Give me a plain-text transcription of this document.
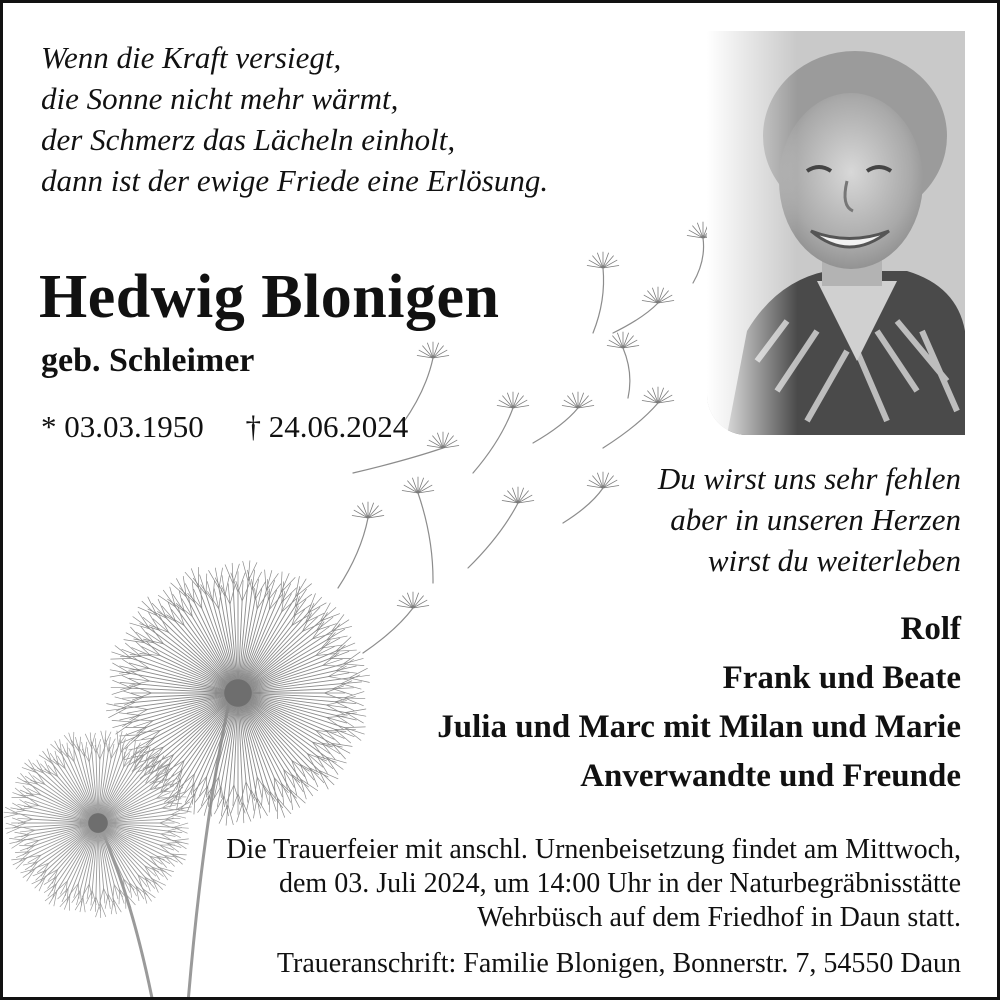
Wenn die Kraft versiegt,
die Sonne nicht mehr wärmt,
der Schmerz das Lächeln einholt,
dann ist der ewige Friede eine Erlösung.
Hedwig Blonigen
geb. Schleimer
* 03.03.1950 † 24.06.2024
Du wirst uns sehr fehlen
aber in unseren Herzen
wirst du weiterleben
Rolf
Frank und Beate
Julia und Marc mit Milan und Marie
Anverwandte und Freunde
Die Trauerfeier mit anschl. Urnenbeisetzung findet am Mittwoch,
dem 03. Juli 2024, um 14:00 Uhr in der Naturbegräbnisstätte
Wehrbüsch auf dem Friedhof in Daun statt.
Traueranschrift: Familie Blonigen, Bonnerstr. 7, 54550 Daun
